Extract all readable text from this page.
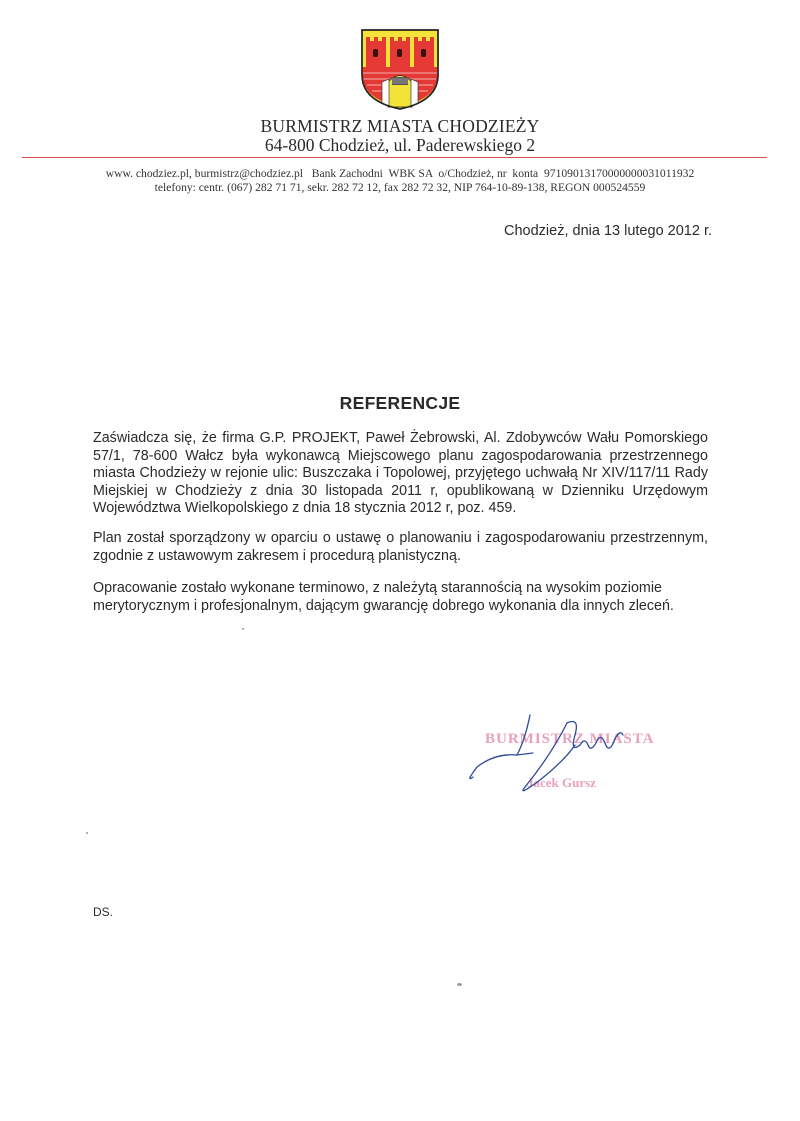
BURMISTRZ MIASTA CHODZIEŻY
64-800 Chodzież, ul. Paderewskiego 2
www. chodziez.pl, burmistrz@chodziez.pl   Bank Zachodni  WBK SA  o/Chodzież, nr  konta  97109013170000000031011932
telefony: centr. (067) 282 71 71, sekr. 282 72 12, fax 282 72 32, NIP 764-10-89-138, REGON 000524559
Chodzież, dnia 13 lutego 2012 r.
REFERENCJE
Zaświadcza się, że firma G.P. PROJEKT, Paweł Żebrowski, Al. Zdobywców Wału Pomorskiego 57/1, 78-600 Wałcz była wykonawcą Miejscowego planu zagospodarowania przestrzennego miasta Chodzieży w rejonie ulic: Buszczaka i Topolowej, przyjętego uchwałą Nr XIV/117/11 Rady Miejskiej w Chodzieży z dnia 30 listopada 2011 r, opublikowaną w Dzienniku Urzędowym Województwa Wielkopolskiego z dnia 18 stycznia 2012 r, poz. 459.
Plan został sporządzony w oparciu o ustawę o planowaniu i zagospodarowaniu przestrzennym, zgodnie z ustawowym zakresem i procedurą planistyczną.
Opracowanie zostało wykonane terminowo, z należytą starannością na wysokim poziomie merytorycznym i profesjonalnym, dającym gwarancję dobrego wykonania dla innych zleceń.
BURMISTRZ MIASTA
Jacek Gursz
DS.
